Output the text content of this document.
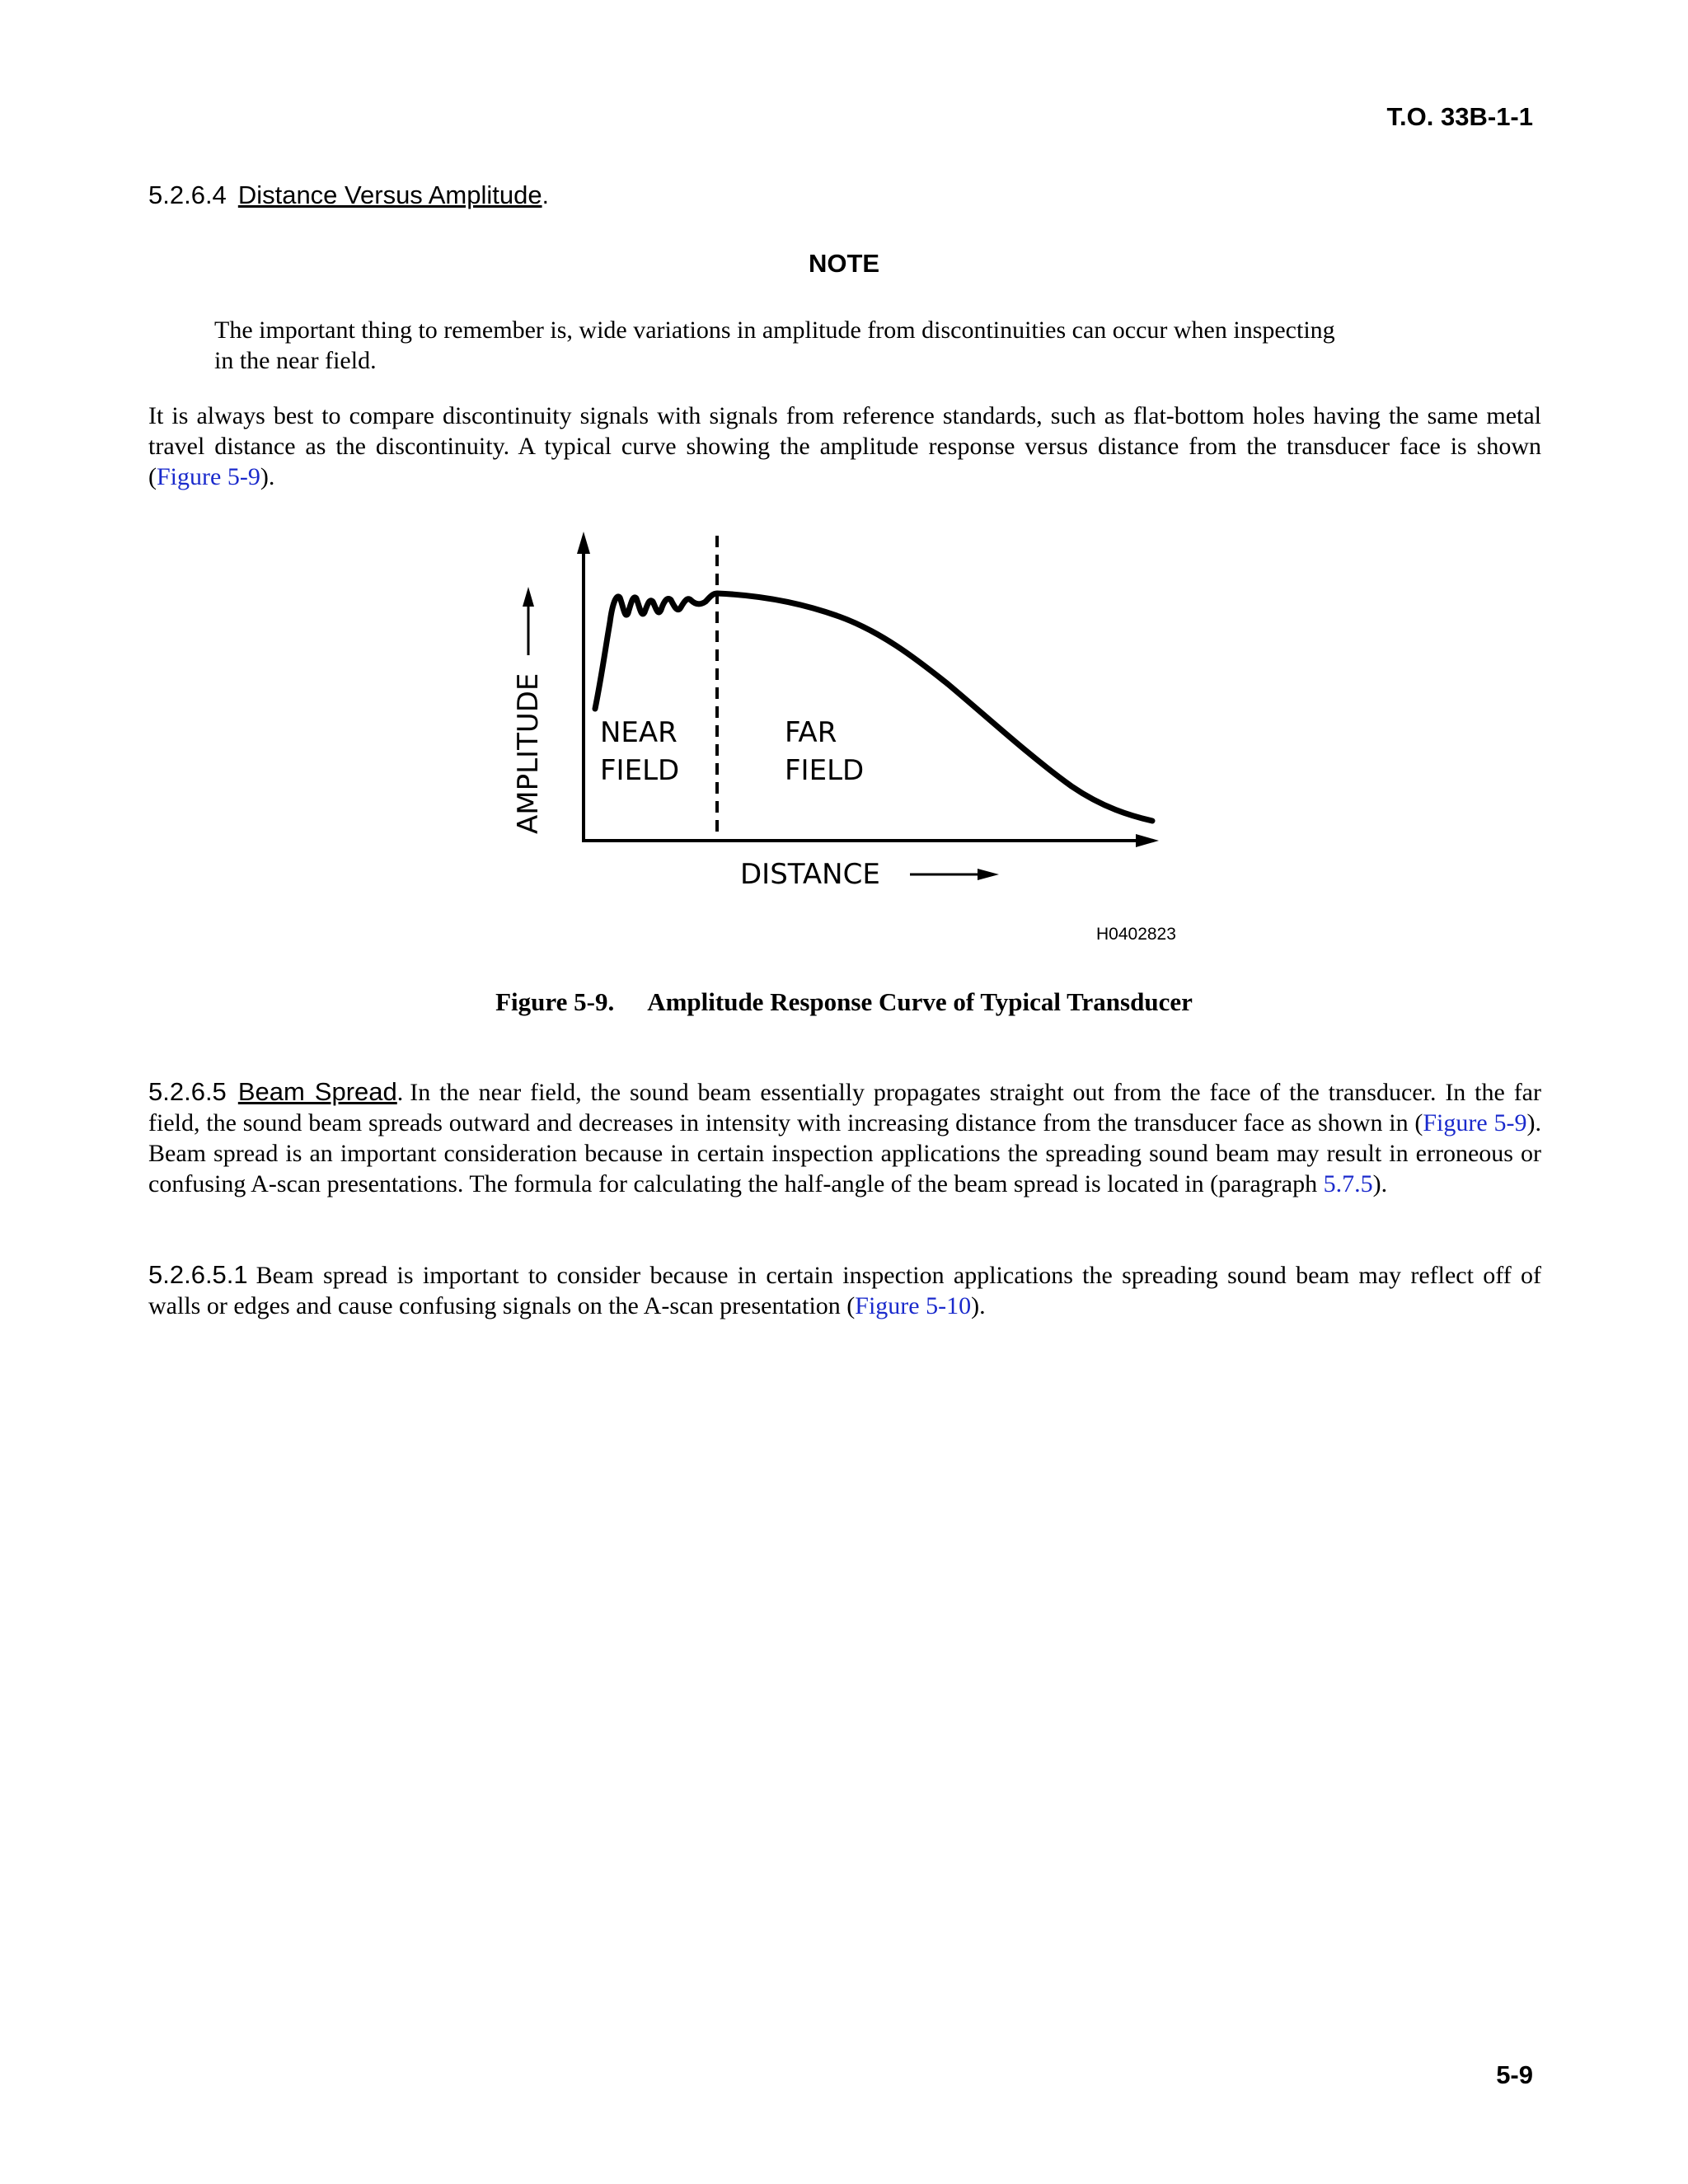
T.O. 33B-1-1
5.2.6.4 Distance Versus Amplitude.
NOTE
The important thing to remember is, wide variations in amplitude from discontinuities can occur when inspecting
in the near field.
It is always best to compare discontinuity signals with signals from reference standards, such as flat-bottom holes having the same metal travel distance as the discontinuity. A typical curve showing the amplitude response versus distance from the transducer face is shown (Figure 5-9).
AMPLITUDE NEAR
FIELD
FAR
FIELD
DISTANCE
H0402823
Figure 5-9. Amplitude Response Curve of Typical Transducer
5.2.6.5 Beam Spread. In the near field, the sound beam essentially propagates straight out from the face of the transducer. In the far field, the sound beam spreads outward and decreases in intensity with increasing distance from the transducer face as shown in (Figure 5-9). Beam spread is an important consideration because in certain inspection applications the spreading sound beam may result in erroneous or confusing A-scan presentations. The formula for calculating the half-angle of the beam spread is located in (paragraph 5.7.5).
5.2.6.5.1 Beam spread is important to consider because in certain inspection applications the spreading sound beam may reflect off of walls or edges and cause confusing signals on the A-scan presentation (Figure 5-10).
5-9
